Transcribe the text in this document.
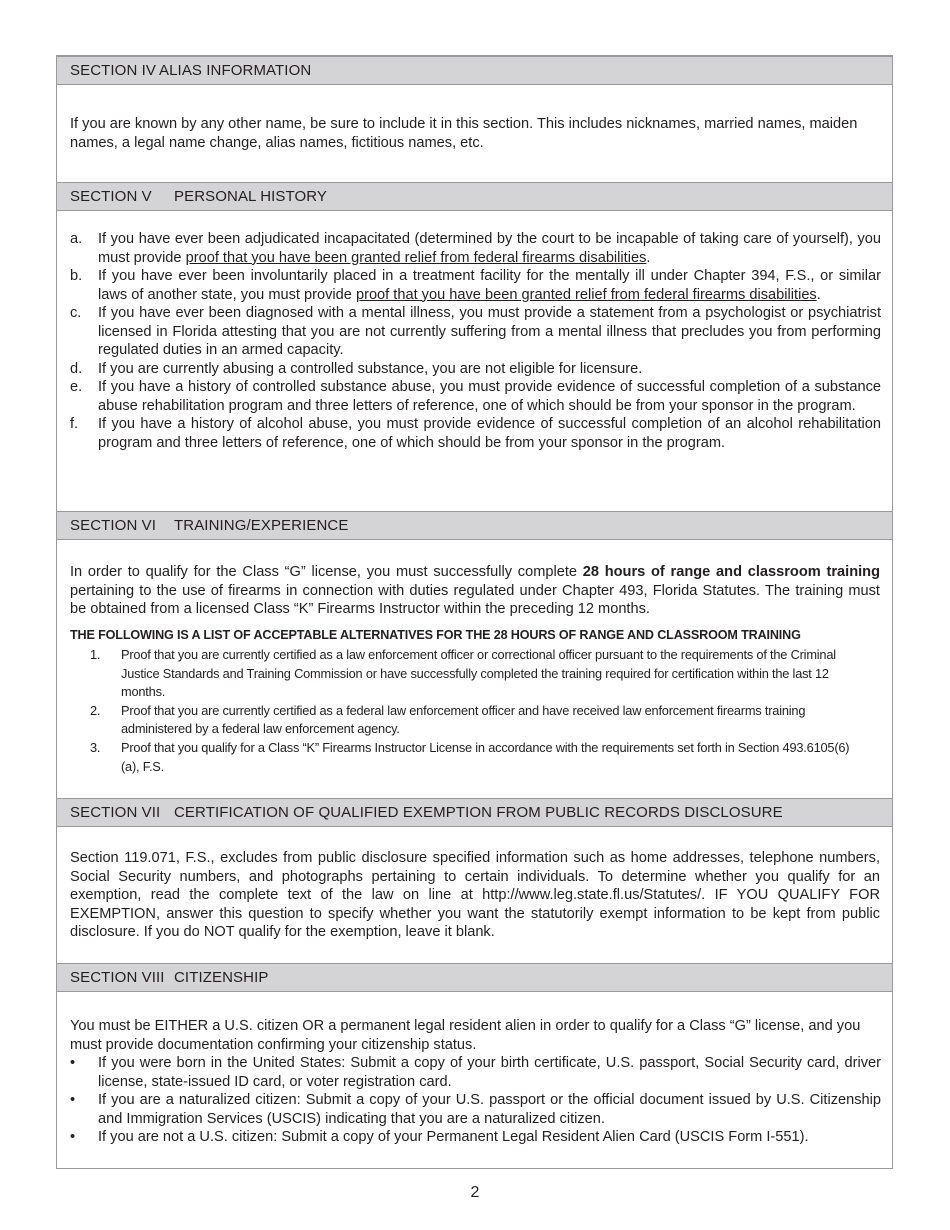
SECTION IV ALIAS INFORMATION
If you are known by any other name, be sure to include it in this section. This includes nicknames, married names, maiden names, a legal name change, alias names, fictitious names, etc.
SECTION V PERSONAL HISTORY
a. If you have ever been adjudicated incapacitated (determined by the court to be incapable of taking care of yourself), you must provide proof that you have been granted relief from federal firearms disabilities.
b. If you have ever been involuntarily placed in a treatment facility for the mentally ill under Chapter 394, F.S., or similar laws of another state, you must provide proof that you have been granted relief from federal firearms disabilities.
c. If you have ever been diagnosed with a mental illness, you must provide a statement from a psychologist or psychiatrist licensed in Florida attesting that you are not currently suffering from a mental illness that precludes you from performing regulated duties in an armed capacity.
d. If you are currently abusing a controlled substance, you are not eligible for licensure.
e. If you have a history of controlled substance abuse, you must provide evidence of successful completion of a substance abuse rehabilitation program and three letters of reference, one of which should be from your sponsor in the program.
f. If you have a history of alcohol abuse, you must provide evidence of successful completion of an alcohol rehabilitation program and three letters of reference, one of which should be from your sponsor in the program.
SECTION VI TRAINING/EXPERIENCE
In order to qualify for the Class “G” license, you must successfully complete 28 hours of range and classroom training pertaining to the use of firearms in connection with duties regulated under Chapter 493, Florida Statutes. The training must be obtained from a licensed Class “K” Firearms Instructor within the preceding 12 months.
THE FOLLOWING IS A LIST OF ACCEPTABLE ALTERNATIVES FOR THE 28 HOURS OF RANGE AND CLASSROOM TRAINING
1. Proof that you are currently certified as a law enforcement officer or correctional officer pursuant to the requirements of the Criminal Justice Standards and Training Commission or have successfully completed the training required for certification within the last 12 months.
2. Proof that you are currently certified as a federal law enforcement officer and have received law enforcement firearms training administered by a federal law enforcement agency.
3. Proof that you qualify for a Class “K” Firearms Instructor License in accordance with the requirements set forth in Section 493.6105(6)(a), F.S.
SECTION VII CERTIFICATION OF QUALIFIED EXEMPTION FROM PUBLIC RECORDS DISCLOSURE
Section 119.071, F.S., excludes from public disclosure specified information such as home addresses, telephone numbers, Social Security numbers, and photographs pertaining to certain individuals. To determine whether you qualify for an exemption, read the complete text of the law on line at http://www.leg.state.fl.us/Statutes/. IF YOU QUALIFY FOR EXEMPTION, answer this question to specify whether you want the statutorily exempt information to be kept from public disclosure. If you do NOT qualify for the exemption, leave it blank.
SECTION VIII CITIZENSHIP
You must be EITHER a U.S. citizen OR a permanent legal resident alien in order to qualify for a Class “G” license, and you must provide documentation confirming your citizenship status.
• If you were born in the United States: Submit a copy of your birth certificate, U.S. passport, Social Security card, driver license, state-issued ID card, or voter registration card.
• If you are a naturalized citizen: Submit a copy of your U.S. passport or the official document issued by U.S. Citizenship and Immigration Services (USCIS) indicating that you are a naturalized citizen.
• If you are not a U.S. citizen: Submit a copy of your Permanent Legal Resident Alien Card (USCIS Form I-551).
2
